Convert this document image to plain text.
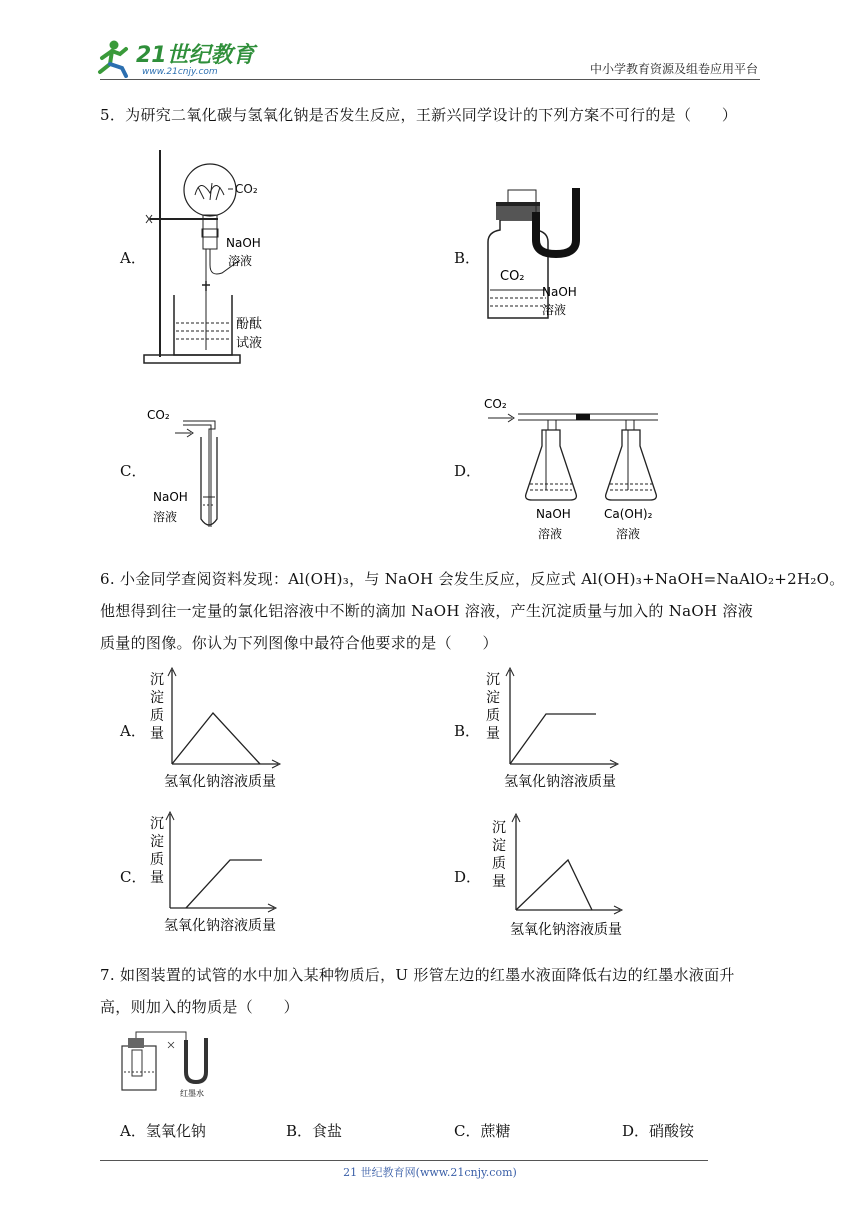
21世纪教育
www.21cnjy.com	中小学教育资源及组卷应用平台
5．为研究二氧化碳与氢氧化钠是否发生反应，王新兴同学设计的下列方案不可行的是（　　）
A．
CO₂
NaOH
溶液
酚酞
试液
B．
CO₂
NaOH
溶液
C．
CO₂
NaOH
溶液
D．
CO₂
NaOH
溶液
Ca(OH)₂
溶液
6. 小金同学查阅资料发现：Al(OH)₃，与 NaOH 会发生反应，反应式 Al(OH)₃+NaOH=NaAlO₂+2H₂O。
他想得到往一定量的氯化铝溶液中不断的滴加 NaOH 溶液，产生沉淀质量与加入的 NaOH 溶液
质量的图像。你认为下列图像中最符合他要求的是（　　）
A．	B．
C．	D．
沉
淀
质
量
氢氧化钠溶液质量
沉
淀
质
量
氢氧化钠溶液质量
沉
淀
质
量
氢氧化钠溶液质量
沉
淀
质
量
氢氧化钠溶液质量
7. 如图装置的试管的水中加入某种物质后，U 形管左边的红墨水液面降低右边的红墨水液面升
高，则加入的物质是（　　）
红墨水
A．氢氧化钠	B．食盐	C．蔗糖	D．硝酸铵
21 世纪教育网(www.21cnjy.com)
